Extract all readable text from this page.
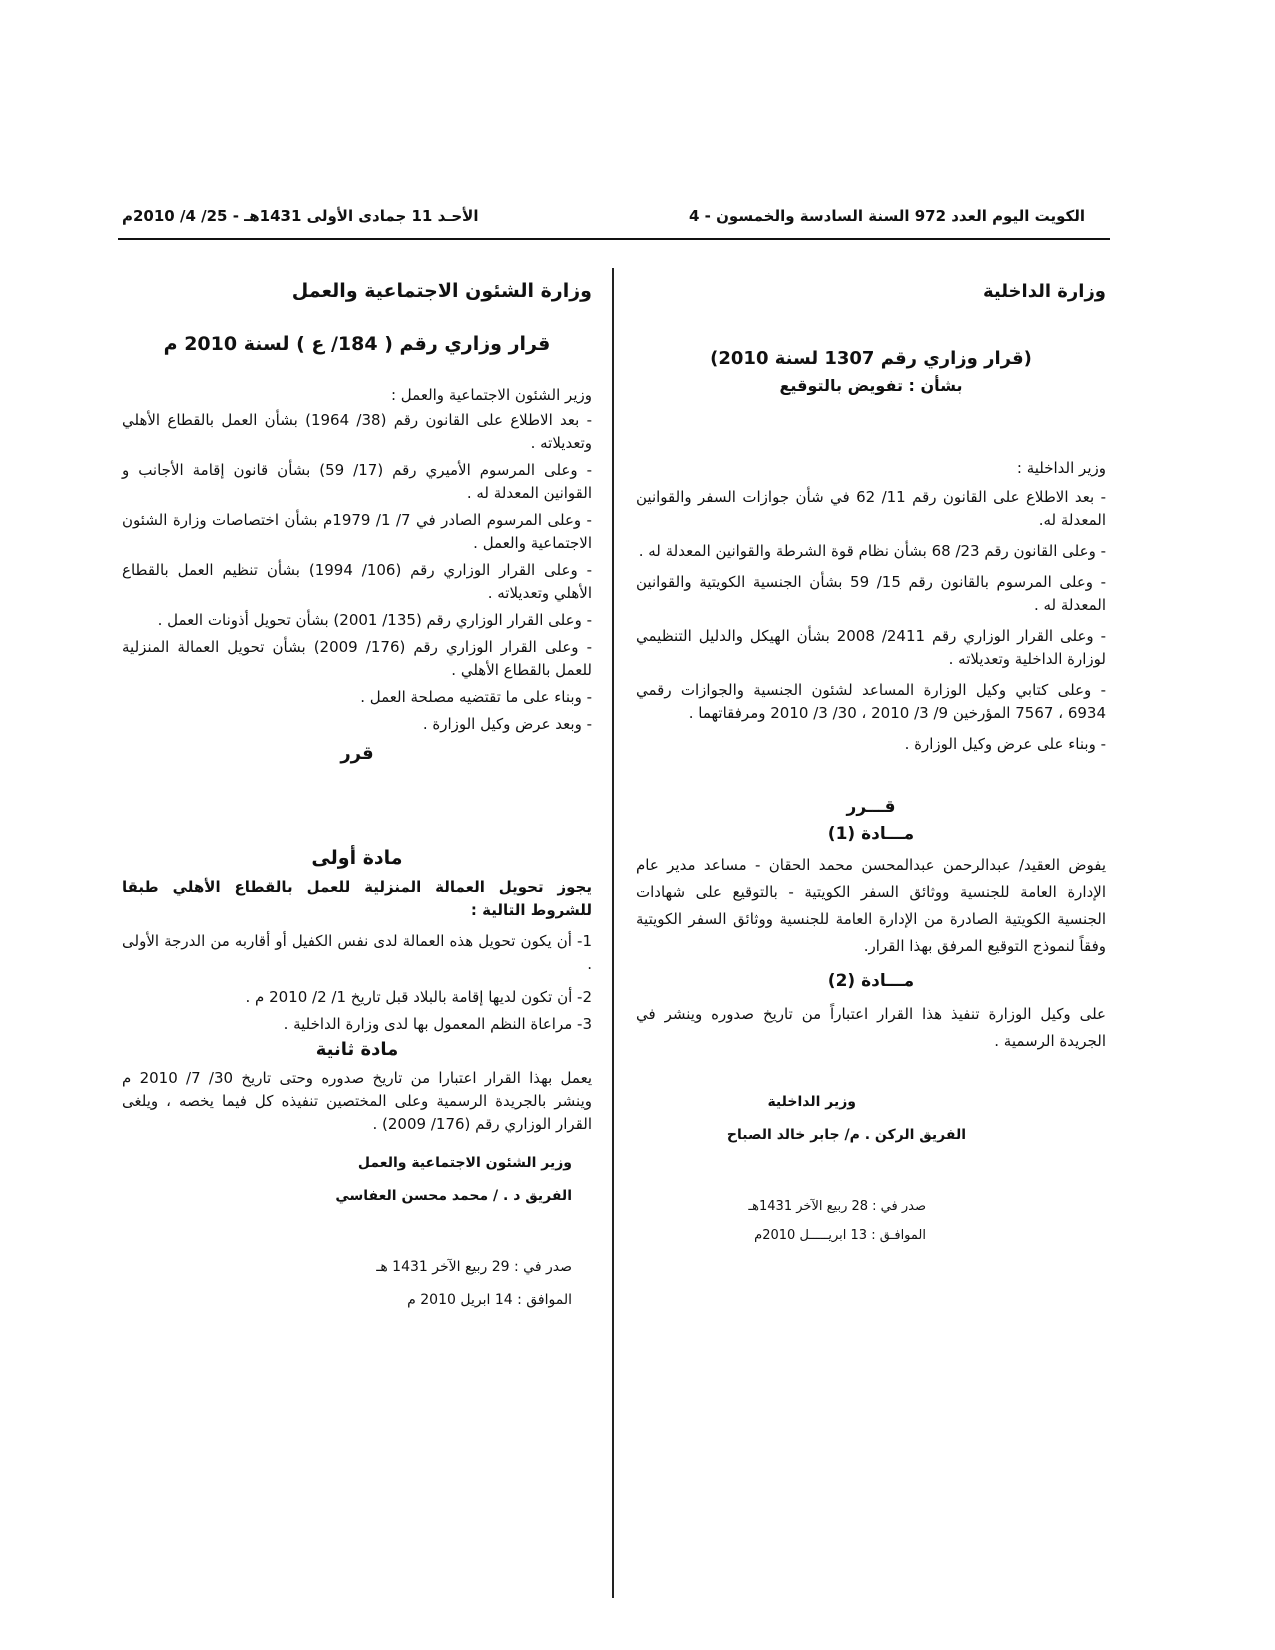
الكويت اليوم العدد 972 السنة السادسة والخمسون - 4
الأحـد 11 جمادى الأولى 1431هـ - 25/ 4/ 2010م
وزارة الداخلية
(قرار وزاري رقم 1307 لسنة 2010)
بشأن : تفويض بالتوقيع
وزير الداخلية :
- بعد الاطلاع على القانون رقم 11/ 62 في شأن جوازات السفر والقوانين المعدلة له.
- وعلى القانون رقم 23/ 68 بشأن نظام قوة الشرطة والقوانين المعدلة له .
- وعلى المرسوم بالقانون رقم 15/ 59 بشأن الجنسية الكويتية والقوانين المعدلة له .
- وعلى القرار الوزاري رقم 2411/ 2008 بشأن الهيكل والدليل التنظيمي لوزارة الداخلية وتعديلاته .
- وعلى كتابي وكيل الوزارة المساعد لشئون الجنسية والجوازات رقمي 6934 ، 7567 المؤرخين 9/ 3/ 2010 ، 30/ 3/ 2010 ومرفقاتهما .
- وبناء على عرض وكيل الوزارة .
قـــرر
مـــادة (1)
يفوض العقيد/ عبدالرحمن عبدالمحسن محمد الحقان - مساعد مدير عام الإدارة العامة للجنسية ووثائق السفر الكويتية - بالتوقيع على شهادات الجنسية الكويتية الصادرة من الإدارة العامة للجنسية ووثائق السفر الكويتية وفقاً لنموذج التوقيع المرفق بهذا القرار.
مـــادة (2)
على وكيل الوزارة تنفيذ هذا القرار اعتباراً من تاريخ صدوره وينشر في الجريدة الرسمية .
وزير الداخلية
الفريق الركن . م/ جابر خالد الصباح
صدر في : 28 ربيع الآخر 1431هـ
الموافـق : 13 ابريـــــل 2010م
وزارة الشئون الاجتماعية والعمل
قرار وزاري رقم ( 184/ ع ) لسنة 2010 م
وزير الشئون الاجتماعية والعمل :
- بعد الاطلاع على القانون رقم (38/ 1964) بشأن العمل بالقطاع الأهلي وتعديلاته .
- وعلى المرسوم الأميري رقم (17/ 59) بشأن قانون إقامة الأجانب و القوانين المعدلة له .
- وعلى المرسوم الصادر في 7/ 1/ 1979م بشأن اختصاصات وزارة الشئون الاجتماعية والعمل .
- وعلى القرار الوزاري رقم (106/ 1994) بشأن تنظيم العمل بالقطاع الأهلي وتعديلاته .
- وعلى القرار الوزاري رقم (135/ 2001) بشأن تحويل أذونات العمل .
- وعلى القرار الوزاري رقم (176/ 2009) بشأن تحويل العمالة المنزلية للعمل بالقطاع الأهلي .
- وبناء على ما تقتضيه مصلحة العمل .
- وبعد عرض وكيل الوزارة .
قرر
مادة أولى
يجوز تحويل العمالة المنزلية للعمل بالقطاع الأهلي طبقا للشروط التالية :
1- أن يكون تحويل هذه العمالة لدى نفس الكفيل أو أقاربه من الدرجة الأولى .
2- أن تكون لديها إقامة بالبلاد قبل تاريخ 1/ 2/ 2010 م .
3- مراعاة النظم المعمول بها لدى وزارة الداخلية .
مادة ثانية
يعمل بهذا القرار اعتبارا من تاريخ صدوره وحتى تاريخ 30/ 7/ 2010 م وينشر بالجريدة الرسمية وعلى المختصين تنفيذه كل فيما يخصه ، ويلغى القرار الوزاري رقم (176/ 2009) .
وزير الشئون الاجتماعية والعمل
الفريق د . / محمد محسن العفاسي
صدر في : 29 ربيع الآخر 1431 هـ
الموافق : 14 ابريل 2010 م
